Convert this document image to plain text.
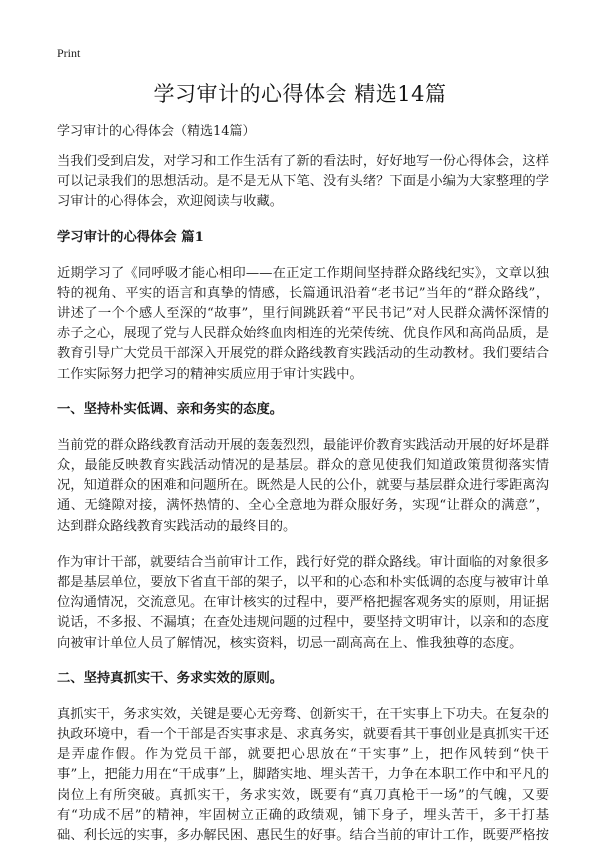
Print
学习审计的心得体会 精选14篇
学习审计的心得体会（精选14篇）

当我们受到启发，对学习和工作生活有了新的看法时，好好地写一份心得体会，这样可以记录我们的思想活动。是不是无从下笔、没有头绪？下面是小编为大家整理的学习审计的心得体会，欢迎阅读与收藏。

学习审计的心得体会 篇1

近期学习了《同呼吸才能心相印——在正定工作期间坚持群众路线纪实》，文章以独特的视角、平实的语言和真挚的情感，长篇通讯沿着“老书记”当年的“群众路线”，讲述了一个个感人至深的“故事”，里行间跳跃着“平民书记”对人民群众满怀深情的赤子之心，展现了党与人民群众始终血肉相连的光荣传统、优良作风和高尚品质，是教育引导广大党员干部深入开展党的群众路线教育实践活动的生动教材。我们要结合工作实际努力把学习的精神实质应用于审计实践中。

一、坚持朴实低调、亲和务实的态度。

当前党的群众路线教育活动开展的轰轰烈烈，最能评价教育实践活动开展的好坏是群众，最能反映教育实践活动情况的是基层。群众的意见使我们知道政策贯彻落实情况，知道群众的困难和问题所在。既然是人民的公仆，就要与基层群众进行零距离沟通、无缝隙对接，满怀热情的、全心全意地为群众服好务，实现“让群众的满意”，达到群众路线教育实践活动的最终目的。

作为审计干部，就要结合当前审计工作，践行好党的群众路线。审计面临的对象很多都是基层单位，要放下省直干部的架子，以平和的心态和朴实低调的态度与被审计单位沟通情况，交流意见。在审计核实的过程中，要严格把握客观务实的原则，用证据说话，不多报、不漏填；在查处违规问题的过程中，要坚持文明审计，以亲和的态度向被审计单位人员了解情况，核实资料，切忌一副高高在上、惟我独尊的态度。

二、坚持真抓实干、务求实效的原则。

真抓实干，务求实效，关键是要心无旁骛、创新实干，在干实事上下功夫。在复杂的执政环境中，看一个干部是否实事求是、求真务实，就要看其干事创业是真抓实干还是弄虚作假。作为党员干部，就要把心思放在“干实事”上，把作风转到“快干事”上，把能力用在“干成事”上，脚踏实地、埋头苦干，力争在本职工作中和平凡的岗位上有所突破。真抓实干，务求实效，既要有“真刀真枪干一场”的气魄，又要有“功成不居”的精神，牢固树立正确的政绩观，铺下身子，埋头苦干，多干打基础、利长远的实事，多办解民困、惠民生的好事。结合当前的审计工作，既要严格按
